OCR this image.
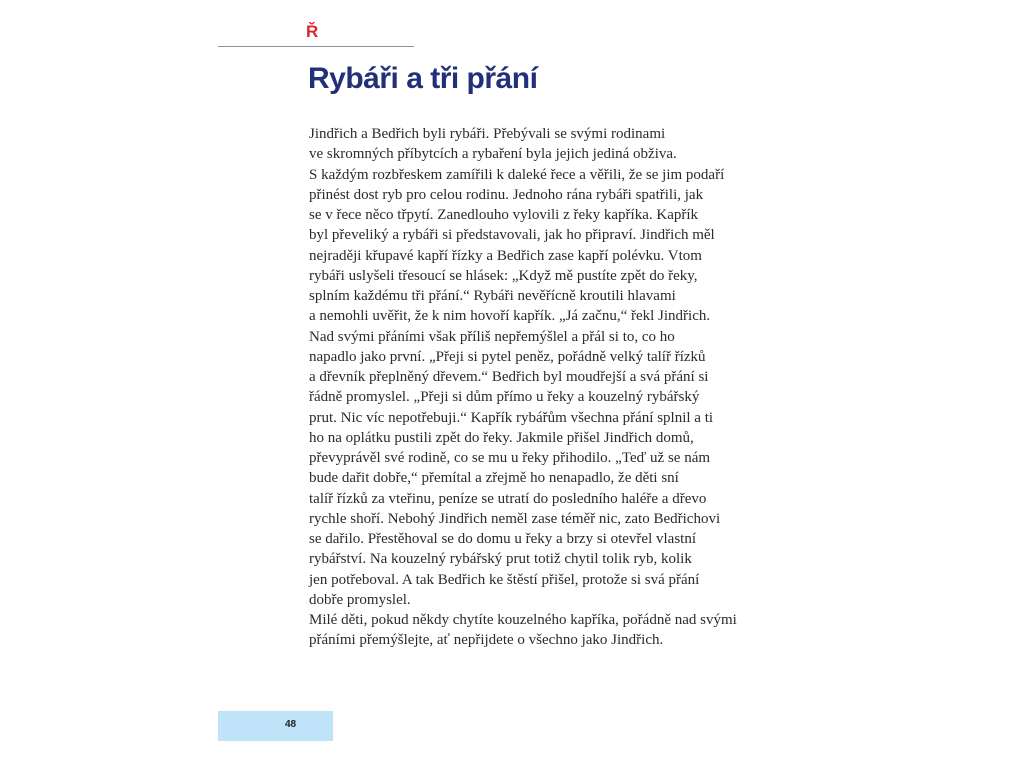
Ř
Rybáři a tři přání
Jindřich a Bedřich byli rybáři. Přebývali se svými rodinami
ve skromných příbytcích a rybaření byla jejich jediná obživa.
S každým rozbřeskem zamířili k daleké řece a věřili, že se jim podaří
přinést dost ryb pro celou rodinu. Jednoho rána rybáři spatřili, jak
se v řece něco třpytí. Zanedlouho vylovili z řeky kapříka. Kapřík
byl převeliký a rybáři si představovali, jak ho připraví. Jindřich měl
nejraději křupavé kapří řízky a Bedřich zase kapří polévku. Vtom
rybáři uslyšeli třesoucí se hlásek: „Když mě pustíte zpět do řeky,
splním každému tři přání.“ Rybáři nevěřícně kroutili hlavami
a nemohli uvěřit, že k nim hovoří kapřík. „Já začnu,“ řekl Jindřich.
Nad svými přáními však příliš nepřemýšlel a přál si to, co ho
napadlo jako první. „Přeji si pytel peněz, pořádně velký talíř řízků
a dřevník přeplněný dřevem.“ Bedřich byl moudřejší a svá přání si
řádně promyslel. „Přeji si dům přímo u řeky a kouzelný rybářský
prut. Nic víc nepotřebuji.“ Kapřík rybářům všechna přání splnil a ti
ho na oplátku pustili zpět do řeky. Jakmile přišel Jindřich domů,
převyprávěl své rodině, co se mu u řeky přihodilo. „Teď už se nám
bude dařit dobře,“ přemítal a zřejmě ho nenapadlo, že děti sní
talíř řízků za vteřinu, peníze se utratí do posledního haléře a dřevo
rychle shoří. Nebohý Jindřich neměl zase téměř nic, zato Bedřichovi
se dařilo. Přestěhoval se do domu u řeky a brzy si otevřel vlastní
rybářství. Na kouzelný rybářský prut totiž chytil tolik ryb, kolik
jen potřeboval. A tak Bedřich ke štěstí přišel, protože si svá přání
dobře promyslel.
Milé děti, pokud někdy chytíte kouzelného kapříka, pořádně nad svými
přáními přemýšlejte, ať nepřijdete o všechno jako Jindřich.
48
